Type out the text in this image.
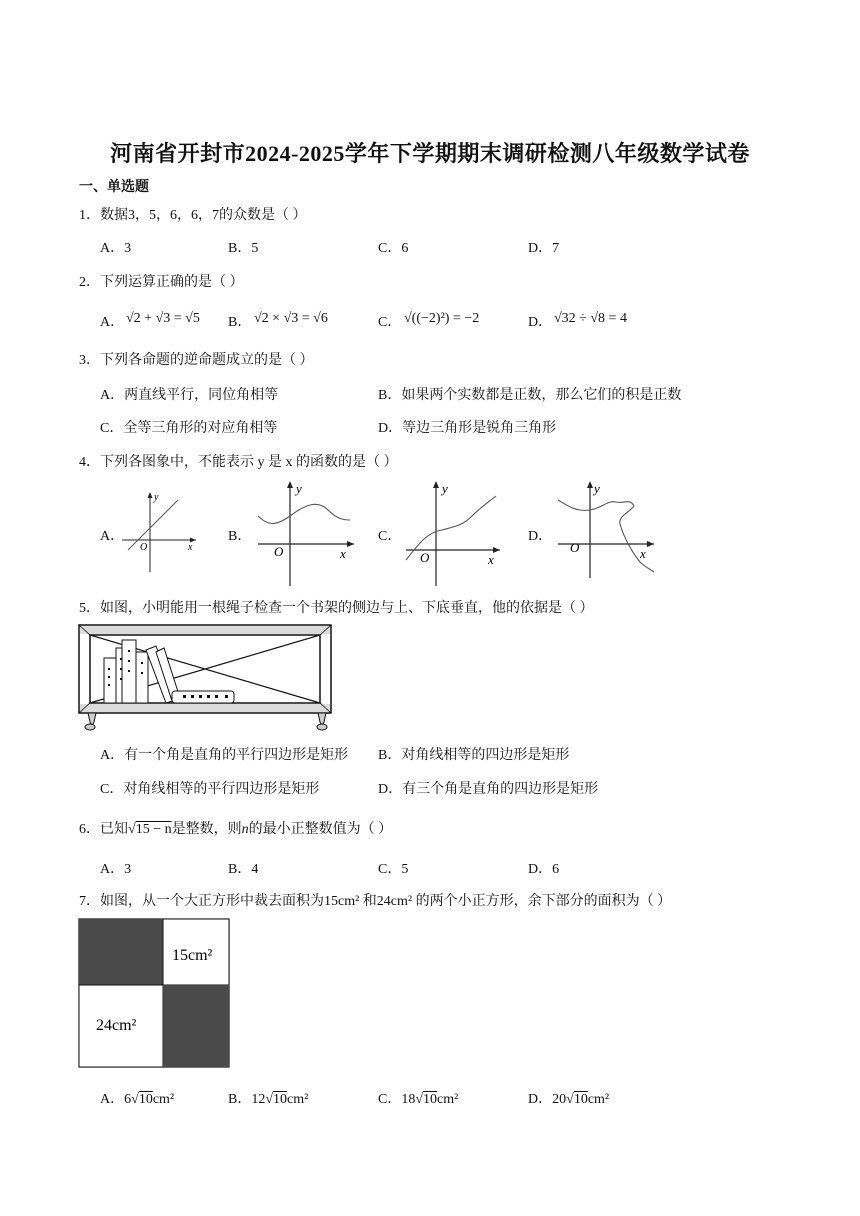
河南省开封市2024-2025学年下学期期末调研检测八年级数学试卷
一、单选题
1．数据3，5，6，6，7的众数是（ ）
A．3	B．5	C．6	D．7
2．下列运算正确的是（ ）
A． √2 + √3 = √5 B． √2 × √3 = √6	C． √((−2)²) = −2	D． √32 ÷ √8 = 4
3．下列各命题的逆命题成立的是（ ）
A．两直线平行，同位角相等	B．如果两个实数都是正数，那么它们的积是正数
C．全等三角形的对应角相等	D．等边三角形是锐角三角形
4．下列各图象中，不能表示 y 是 x 的函数的是（ ）
A．	B．	C．	D．
y
x
O
y
x
O
y
x
O
y
x
O
5．如图，小明能用一根绳子检查一个书架的侧边与上、下底垂直，他的依据是（ ）
A．有一个角是直角的平行四边形是矩形 B．对角线相等的四边形是矩形
C．对角线相等的平行四边形是矩形	D．有三个角是直角的四边形是矩形
6．已知√15 − n是整数，则n的最小正整数值为（ ）
A．3	B．4	C．5	D．6
7．如图，从一个大正方形中裁去面积为15cm² 和24cm² 的两个小正方形，余下部分的面积为（ ）
15cm²
24cm²
A．6√10cm²	B．12√10cm²	C．18√10cm²	D．20√10cm²
